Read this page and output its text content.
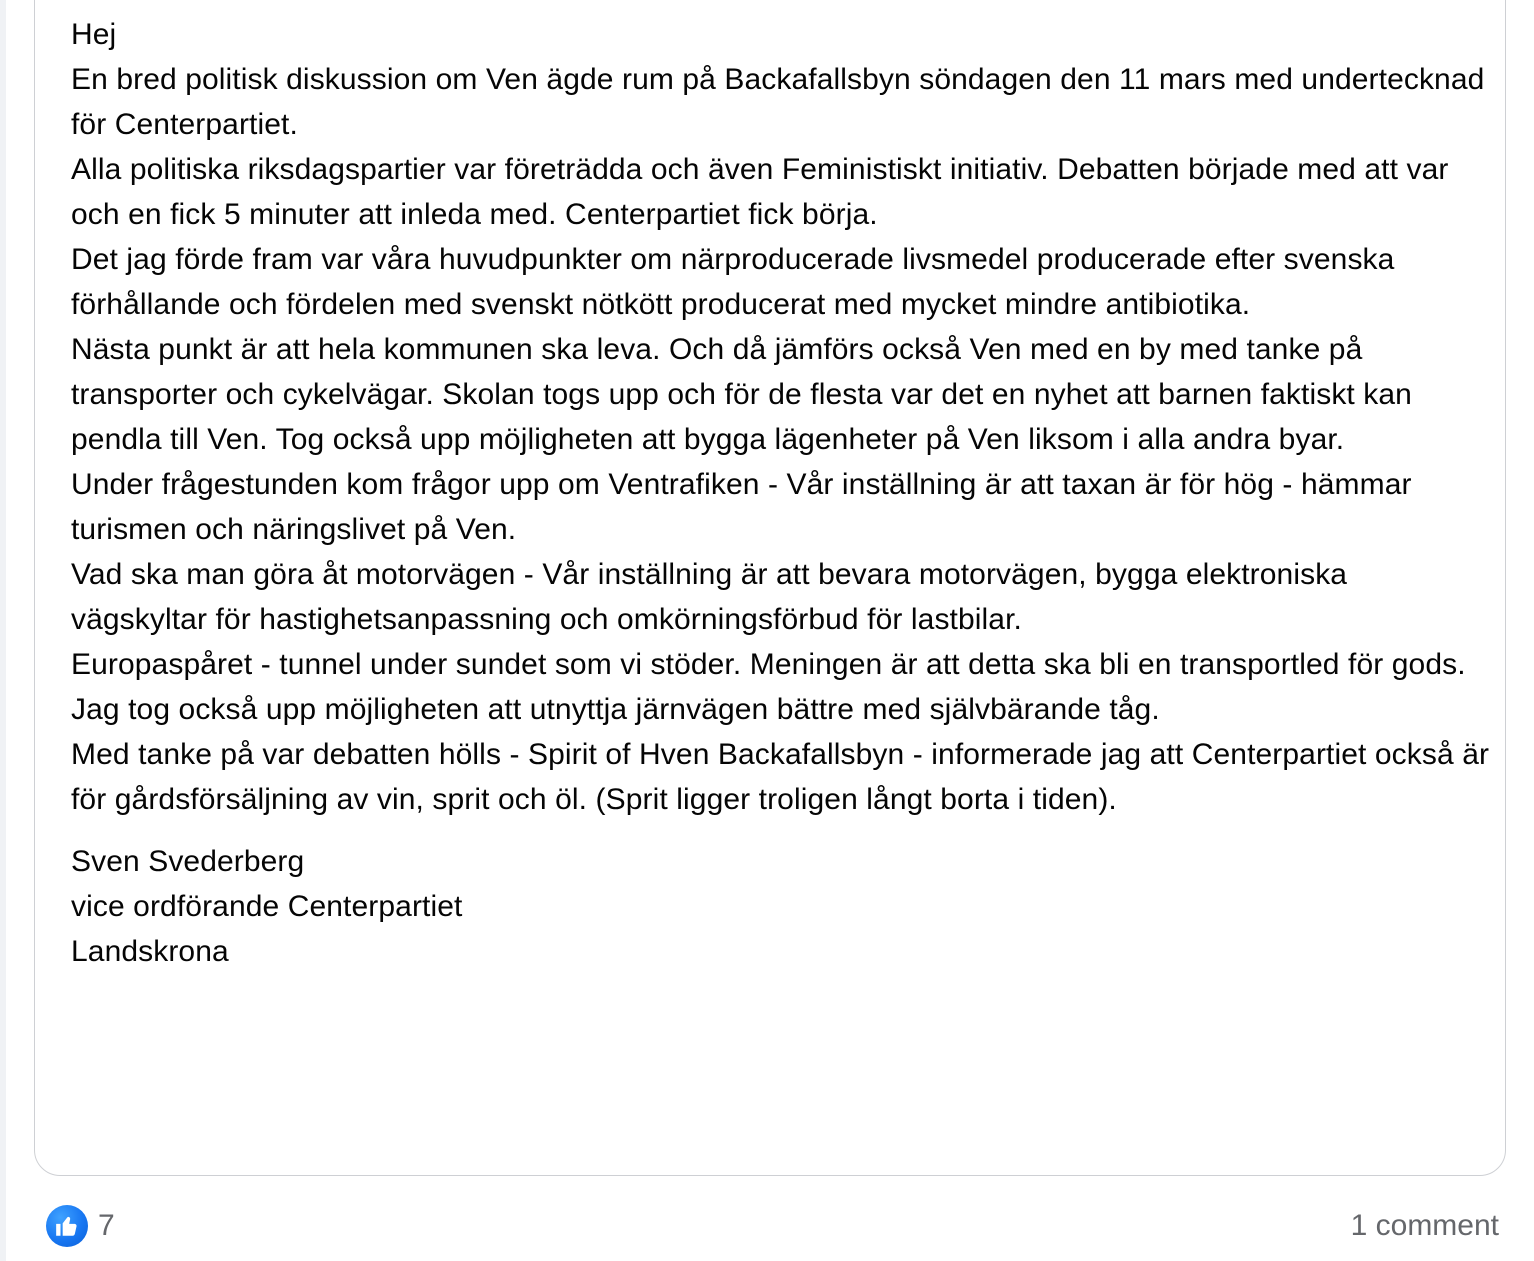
Hej

En bred politisk diskussion om Ven ägde rum på Backafallsbyn söndagen den 11 mars med undertecknad för Centerpartiet.

Alla politiska riksdagspartier var företrädda och även Feministiskt initiativ. Debatten började med att var och en fick 5 minuter att inleda med. Centerpartiet fick börja.

Det jag förde fram var våra huvudpunkter om närproducerade livsmedel producerade efter svenska förhållande och fördelen med svenskt nötkött producerat med mycket mindre antibiotika.

Nästa punkt är att hela kommunen ska leva. Och då jämförs också Ven med en by med tanke på transporter och cykelvägar. Skolan togs upp och för de flesta var det en nyhet att barnen faktiskt kan pendla till Ven. Tog också upp möjligheten att bygga lägenheter på Ven liksom i alla andra byar.

Under frågestunden kom frågor upp om Ventrafiken - Vår inställning är att taxan är för hög - hämmar turismen och näringslivet på Ven.

Vad ska man göra åt motorvägen - Vår inställning är att bevara motorvägen, bygga elektroniska vägskyltar för hastighetsanpassning och omkörningsförbud för lastbilar.

Europaspåret - tunnel under sundet som vi stöder. Meningen är att detta ska bli en transportled för gods. Jag tog också upp möjligheten att utnyttja järnvägen bättre med självbärande tåg.

Med tanke på var debatten hölls - Spirit of Hven Backafallsbyn - informerade jag att Centerpartiet också är för gårdsförsäljning av vin, sprit och öl. (Sprit ligger troligen långt borta i tiden).

Sven Svederberg
vice ordförande Centerpartiet
Landskrona
7	1 comment
